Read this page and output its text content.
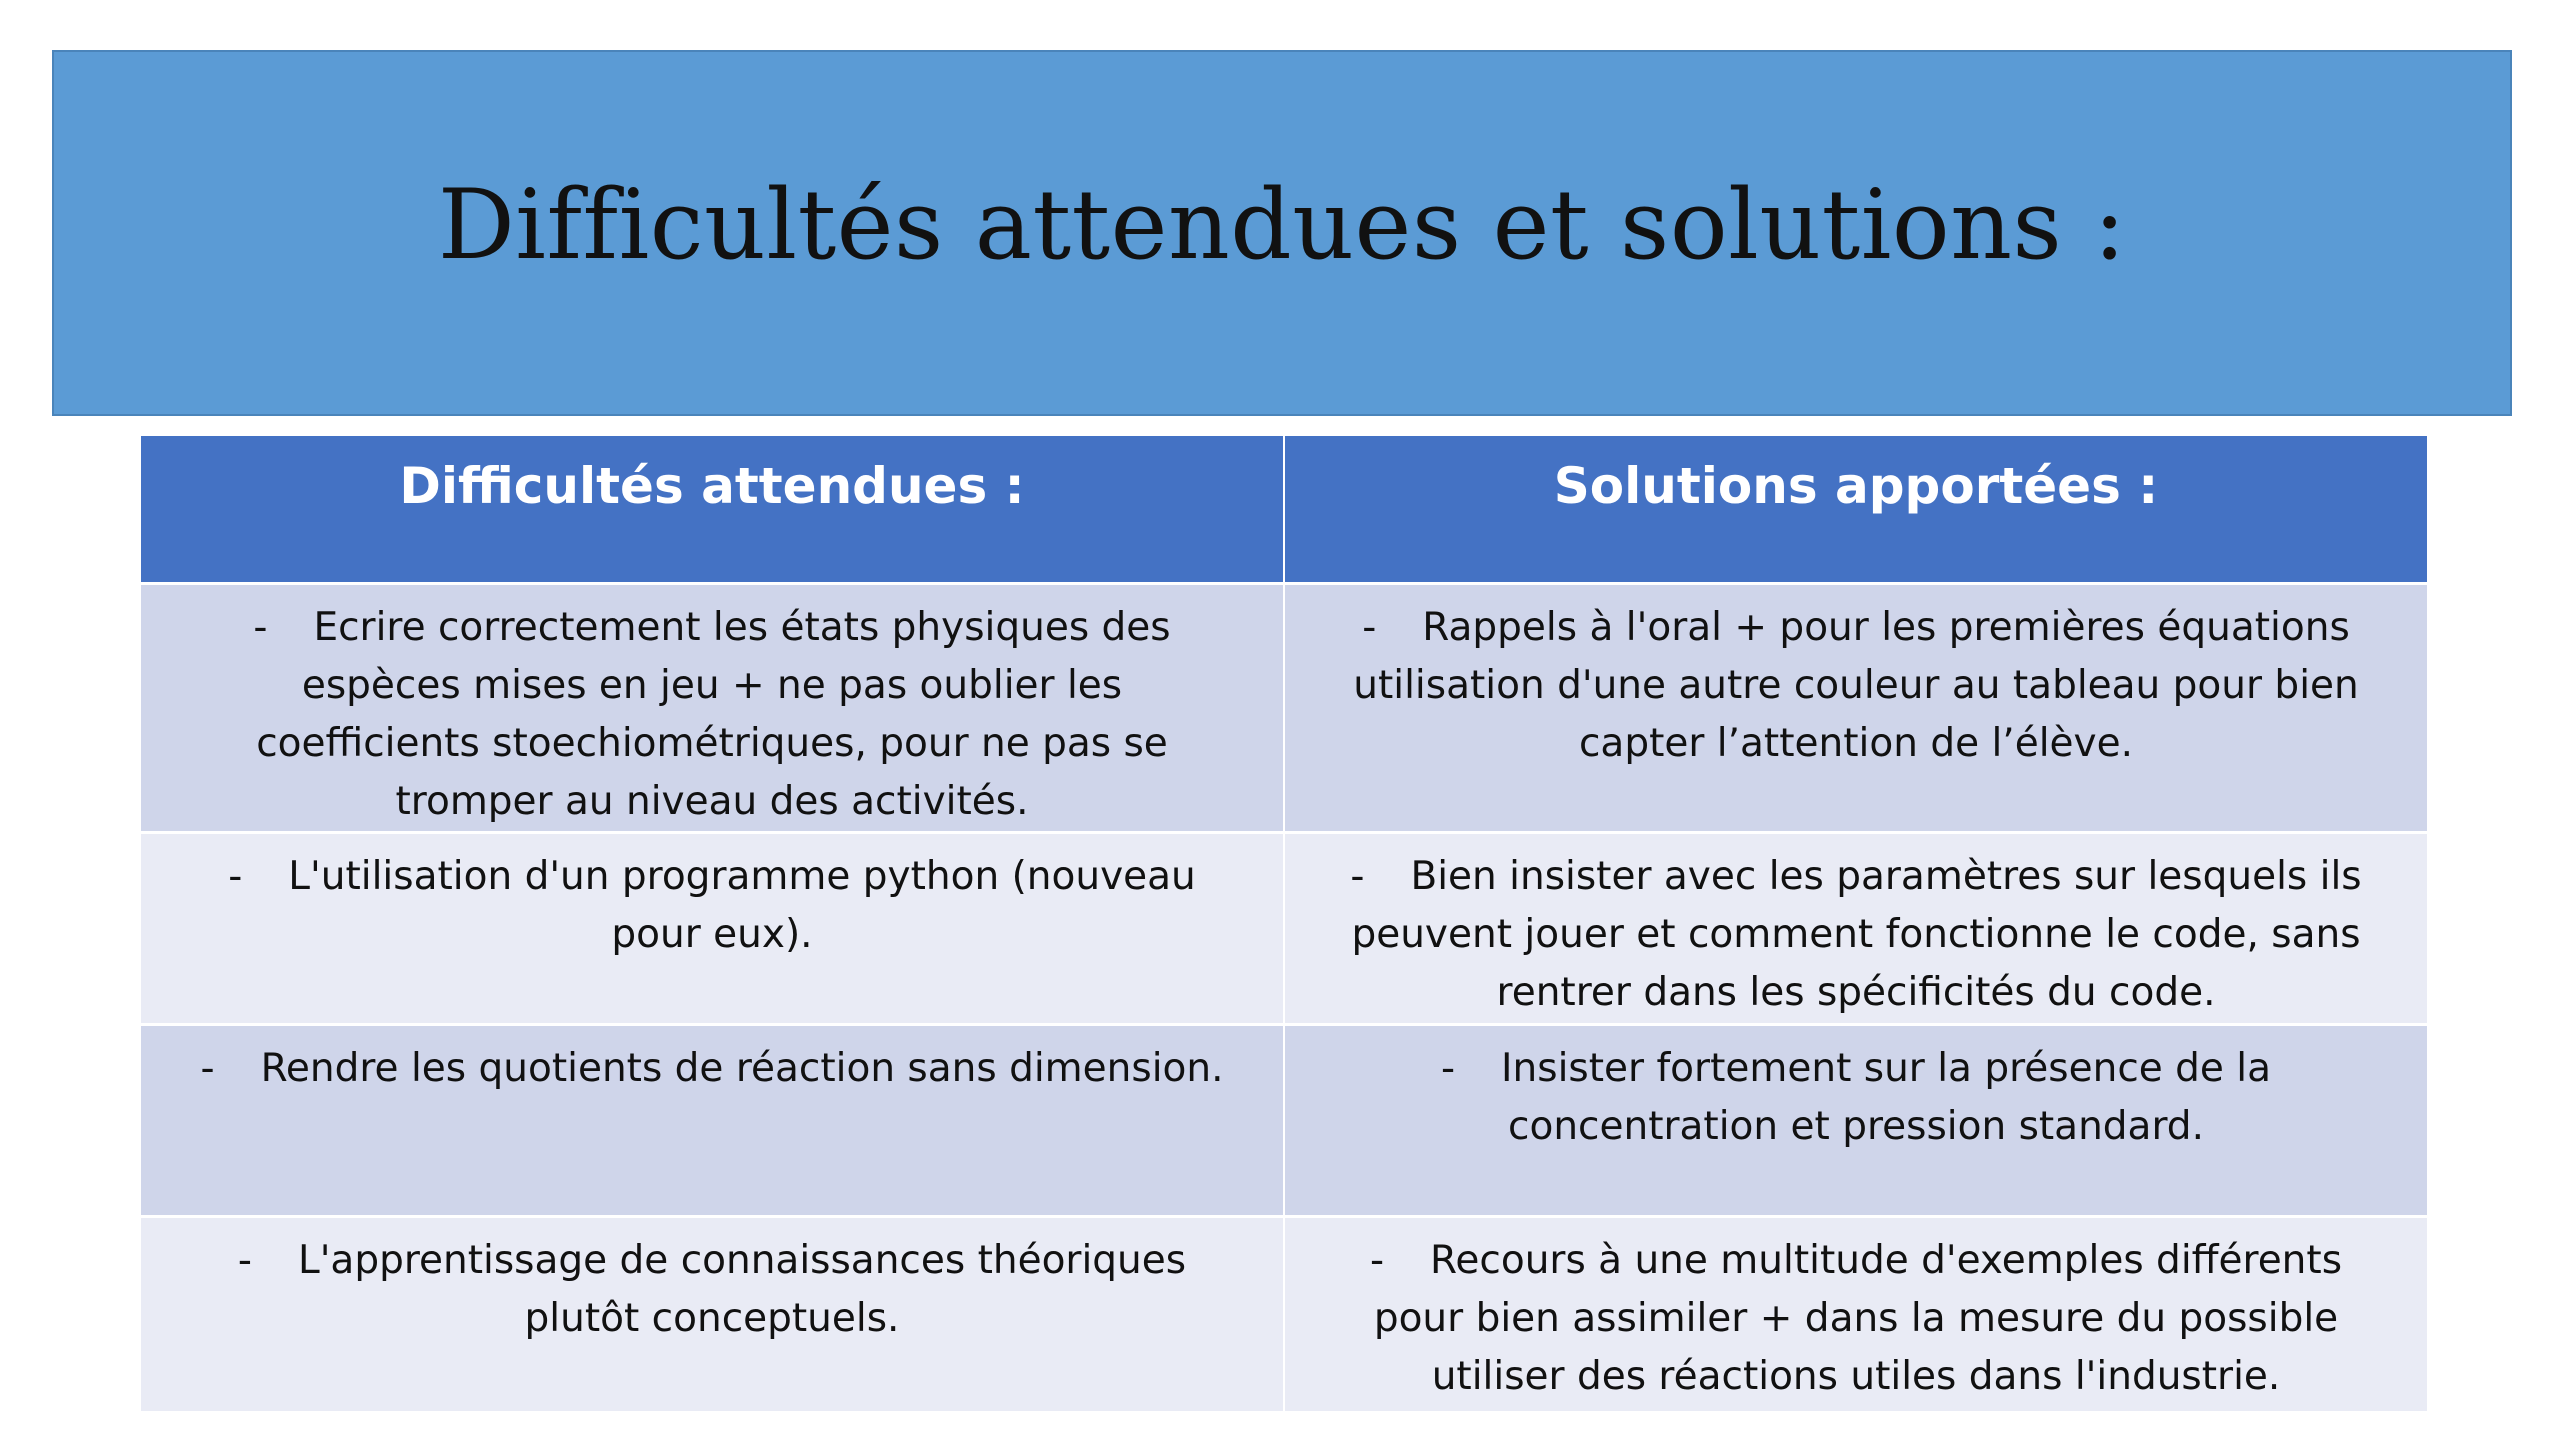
Difficultés attendues et solutions :
Difficultés attendues :	Solutions apportées :
- Ecrire correctement les états physiques des espèces mises en jeu + ne pas oublier les coefficients stoechiométriques, pour ne pas se tromper au niveau des activités.
- Rappels à l'oral + pour les premières équations utilisation d'une autre couleur au tableau pour bien capter l’attention de l’élève.
- L'utilisation d'un programme python (nouveau pour eux).
- Bien insister avec les paramètres sur lesquels ils peuvent jouer et comment fonctionne le code, sans rentrer dans les spécificités du code.
- Rendre les quotients de réaction sans dimension.	- Insister fortement sur la présence de la concentration et pression standard.
- L'apprentissage de connaissances théoriques plutôt conceptuels.
- Recours à une multitude d'exemples différents pour bien assimiler + dans la mesure du possible utiliser des réactions utiles dans l'industrie.
